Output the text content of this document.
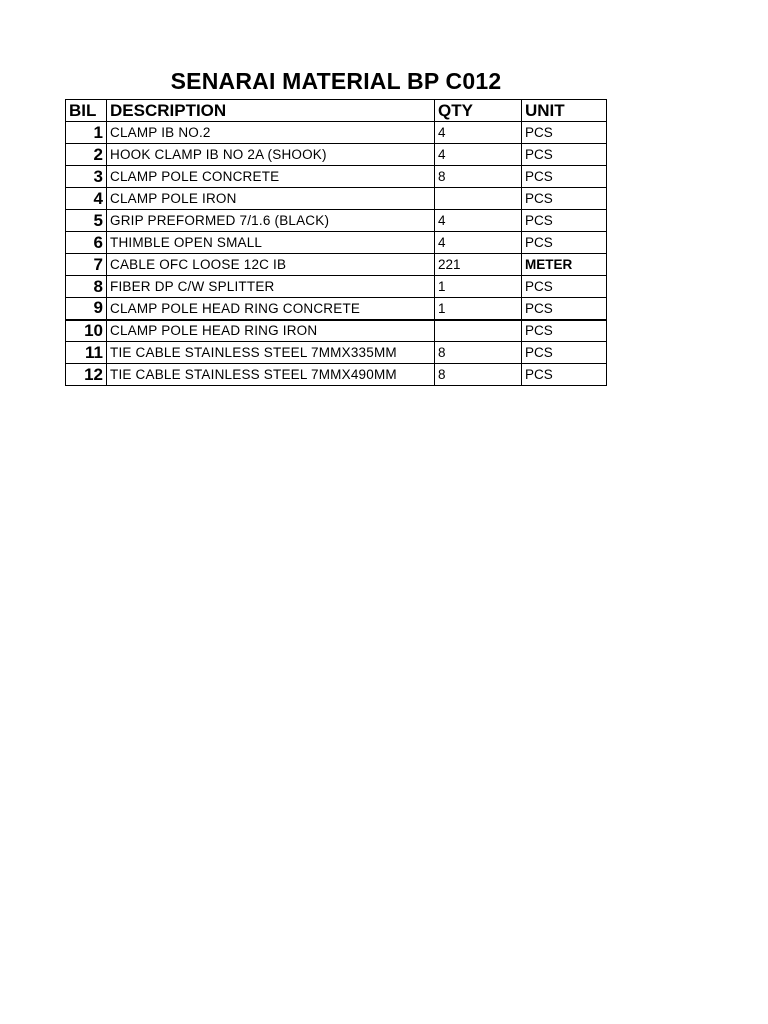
SENARAI MATERIAL BP C012
BIL	DESCRIPTION	QTY	UNIT
1	CLAMP IB NO.2	4	PCS
2	HOOK CLAMP IB NO 2A (SHOOK)	4	PCS
3	CLAMP POLE CONCRETE	8	PCS
4	CLAMP POLE IRON		PCS
5	GRIP PREFORMED 7/1.6 (BLACK)	4	PCS
6	THIMBLE OPEN SMALL	4	PCS
7	CABLE OFC LOOSE 12C IB	221	METER
8	FIBER DP C/W SPLITTER	1	PCS
9	CLAMP POLE HEAD RING CONCRETE	1	PCS
10	CLAMP POLE HEAD RING IRON		PCS
11	TIE CABLE STAINLESS STEEL 7MMX335MM	8	PCS
12	TIE CABLE STAINLESS STEEL 7MMX490MM	8	PCS
